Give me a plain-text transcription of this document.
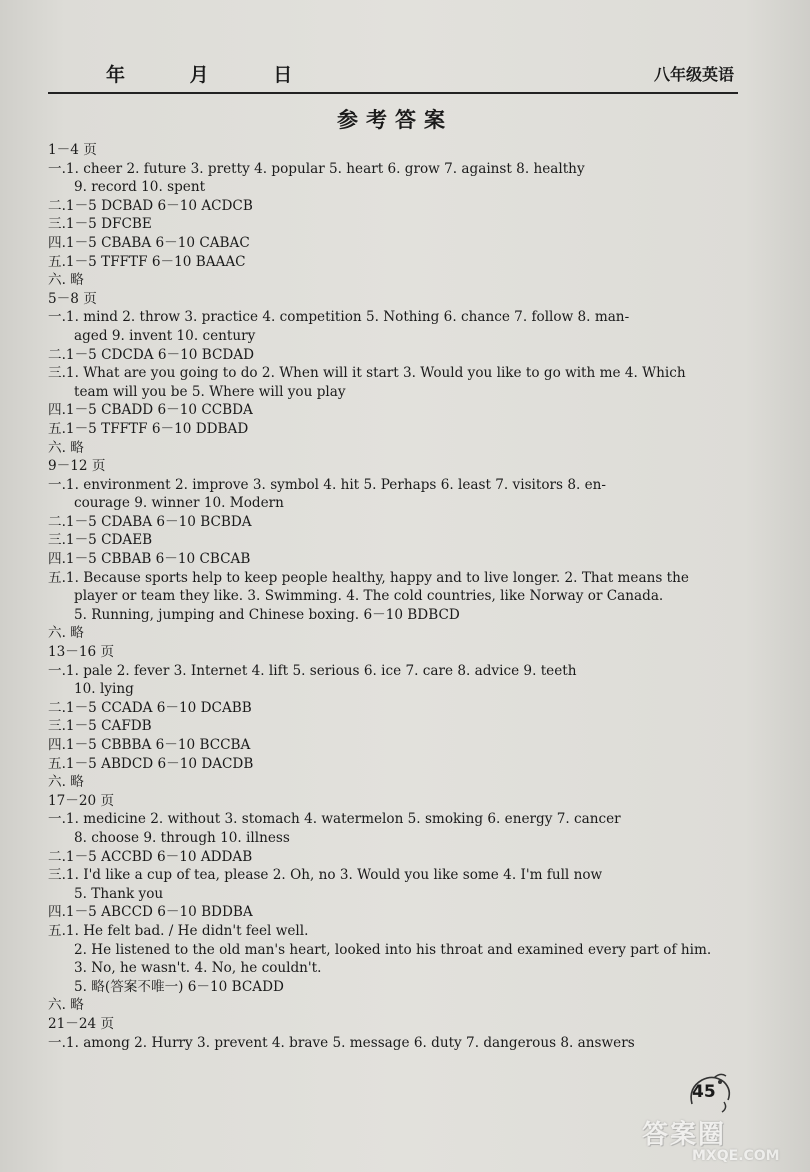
年	月	日	八年级英语
参考答案
1－4 页
一.1. cheer 2. future 3. pretty 4. popular 5. heart 6. grow 7. against 8. healthy
9. record 10. spent
二.1－5 DCBAD 6－10 ACDCB
三.1－5 DFCBE
四.1－5 CBABA 6－10 CABAC
五.1－5 TFFTF 6－10 BAAAC
六. 略
5－8 页
一.1. mind 2. throw 3. practice 4. competition 5. Nothing 6. chance 7. follow 8. man-
aged 9. invent 10. century
二.1－5 CDCDA 6－10 BCDAD
三.1. What are you going to do 2. When will it start 3. Would you like to go with me 4. Which
team will you be 5. Where will you play
四.1－5 CBADD 6－10 CCBDA
五.1－5 TFFTF 6－10 DDBAD
六. 略
9－12 页
一.1. environment 2. improve 3. symbol 4. hit 5. Perhaps 6. least 7. visitors 8. en-
courage 9. winner 10. Modern
二.1－5 CDABA 6－10 BCBDA
三.1－5 CDAEB
四.1－5 CBBAB 6－10 CBCAB
五.1. Because sports help to keep people healthy, happy and to live longer. 2. That means the
player or team they like. 3. Swimming. 4. The cold countries, like Norway or Canada.
5. Running, jumping and Chinese boxing. 6－10 BDBCD
六. 略
13－16 页
一.1. pale 2. fever 3. Internet 4. lift 5. serious 6. ice 7. care 8. advice 9. teeth
10. lying
二.1－5 CCADA 6－10 DCABB
三.1－5 CAFDB
四.1－5 CBBBA 6－10 BCCBA
五.1－5 ABDCD 6－10 DACDB
六. 略
17－20 页
一.1. medicine 2. without 3. stomach 4. watermelon 5. smoking 6. energy 7. cancer
8. choose 9. through 10. illness
二.1－5 ACCBD 6－10 ADDAB
三.1. I'd like a cup of tea, please 2. Oh, no 3. Would you like some 4. I'm full now
5. Thank you
四.1－5 ABCCD 6－10 BDDBA
五.1. He felt bad. / He didn't feel well.
2. He listened to the old man's heart, looked into his throat and examined every part of him.
3. No, he wasn't. 4. No, he couldn't.
5. 略(答案不唯一) 6－10 BCADD
六. 略
21－24 页
一.1. among 2. Hurry 3. prevent 4. brave 5. message 6. duty 7. dangerous 8. answers
45
答案圈
MXQE.COM
